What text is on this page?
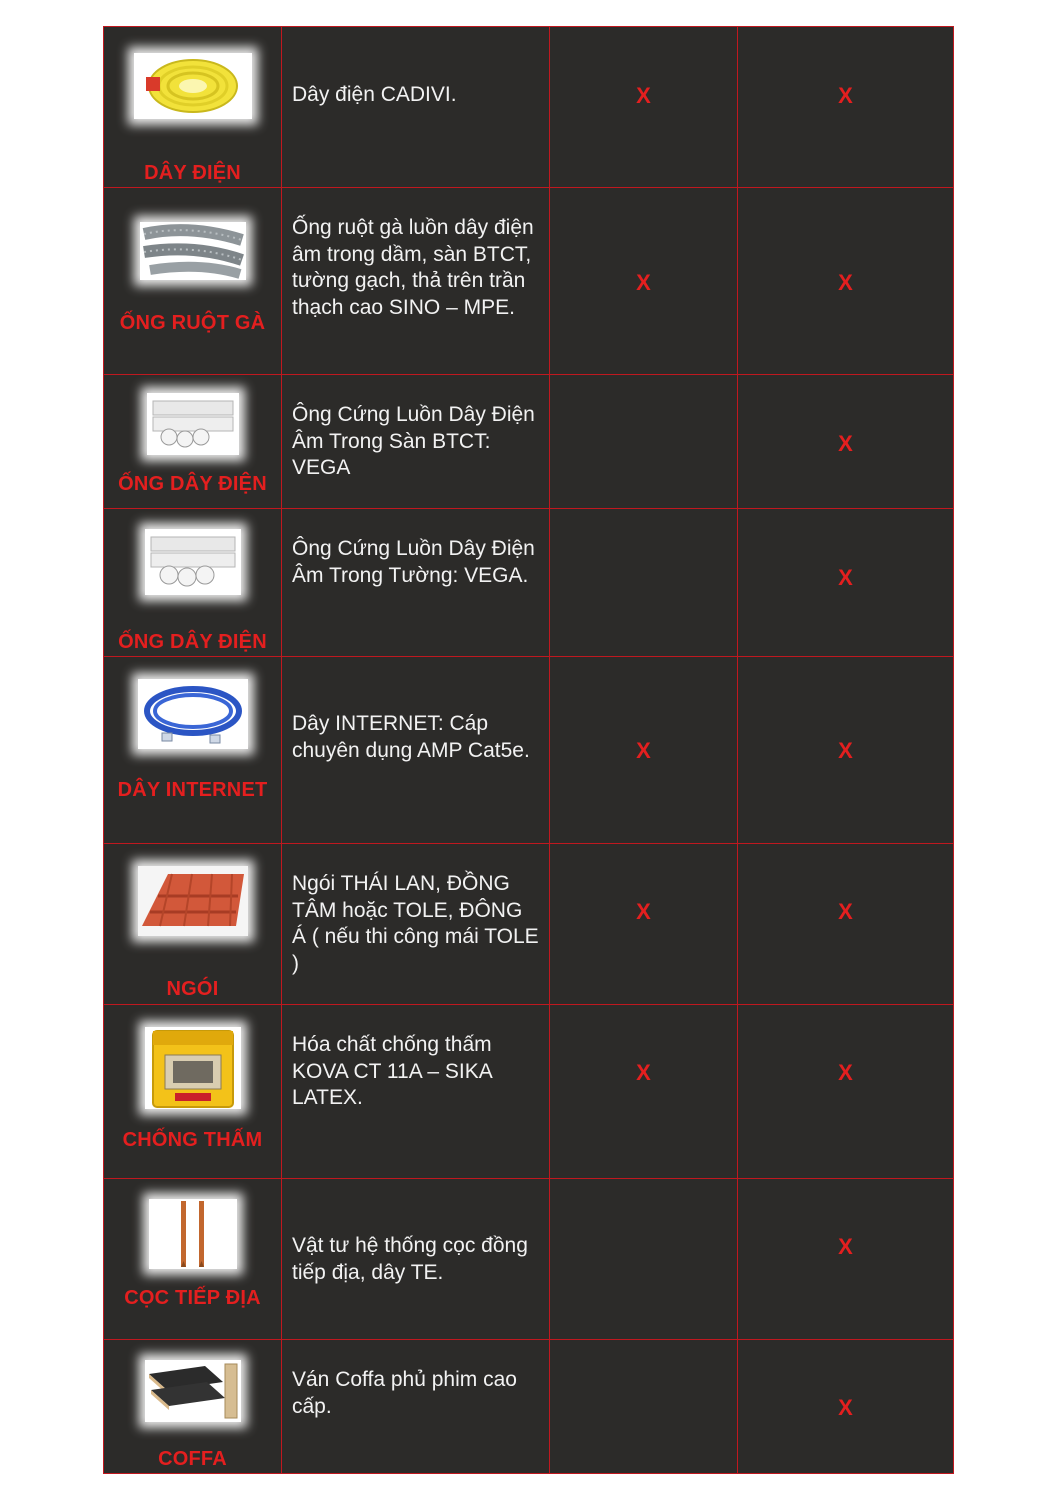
DÂY ĐIỆN	Dây điện CADIVI.	X	X

ỐNG RUỘT GÀ	Ống ruột gà luồn dây điện âm trong dầm, sàn BTCT, tường gạch, thả trên trần thạch cao SINO – MPE.	X	X

ỐNG DÂY ĐIỆN	Ông Cứng Luồn Dây Điện Âm Trong Sàn BTCT: VEGA		X

ỐNG DÂY ĐIỆN	Ông Cứng Luồn Dây Điện Âm Trong Tường: VEGA.		X

DÂY INTERNET	Dây INTERNET: Cáp chuyên dụng AMP Cat5e.	X	X

NGÓI	Ngói THÁI LAN, ĐỒNG TÂM hoặc TOLE, ĐÔNG Á ( nếu thi công mái TOLE )	X	X

CHỐNG THẤM	Hóa chất chống thấm KOVA CT 11A – SIKA LATEX.	X	X

CỌC TIẾP ĐỊA	Vật tư hệ thống cọc đồng tiếp địa, dây TE.		X

COFFA	Ván Coffa phủ phim cao cấp.		X
